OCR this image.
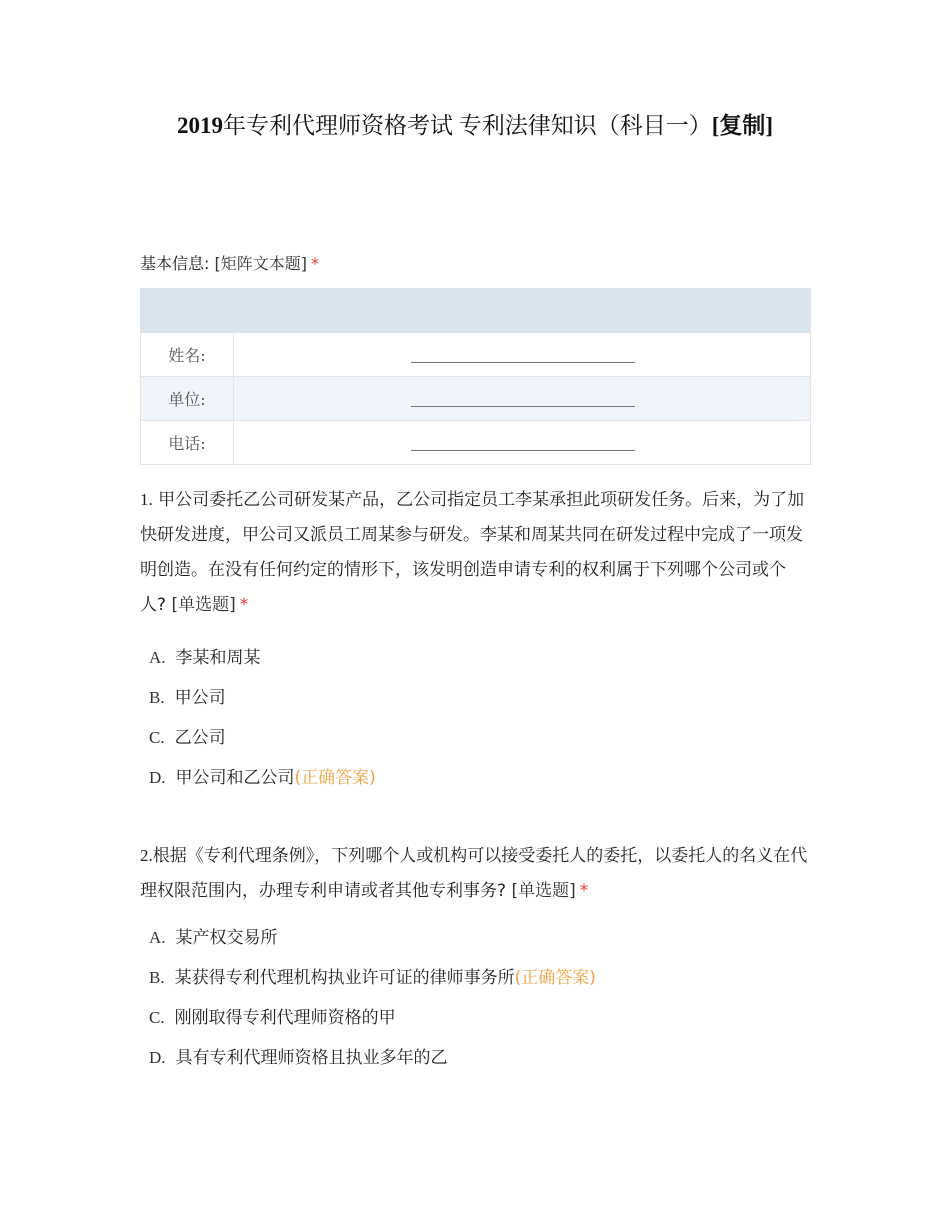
2019年专利代理师资格考试 专利法律知识（科目一）[复制]
基本信息: [矩阵文本题] *

姓名:	

单位:	

电话:	
1. 甲公司委托乙公司研发某产品，乙公司指定员工李某承担此项研发任务。后来，为了加快研发进度，甲公司又派员工周某参与研发。李某和周某共同在研发过程中完成了一项发明创造。在没有任何约定的情形下，该发明创造申请专利的权利属于下列哪个公司或个人? [单选题] *
A. 李某和周某
B. 甲公司
C. 乙公司
D. 甲公司和乙公司(正确答案)
2.根据《专利代理条例》，下列哪个人或机构可以接受委托人的委托，以委托人的名义在代理权限范围内，办理专利申请或者其他专利事务? [单选题] *
A. 某产权交易所
B. 某获得专利代理机构执业许可证的律师事务所(正确答案)
C. 刚刚取得专利代理师资格的甲
D. 具有专利代理师资格且执业多年的乙
